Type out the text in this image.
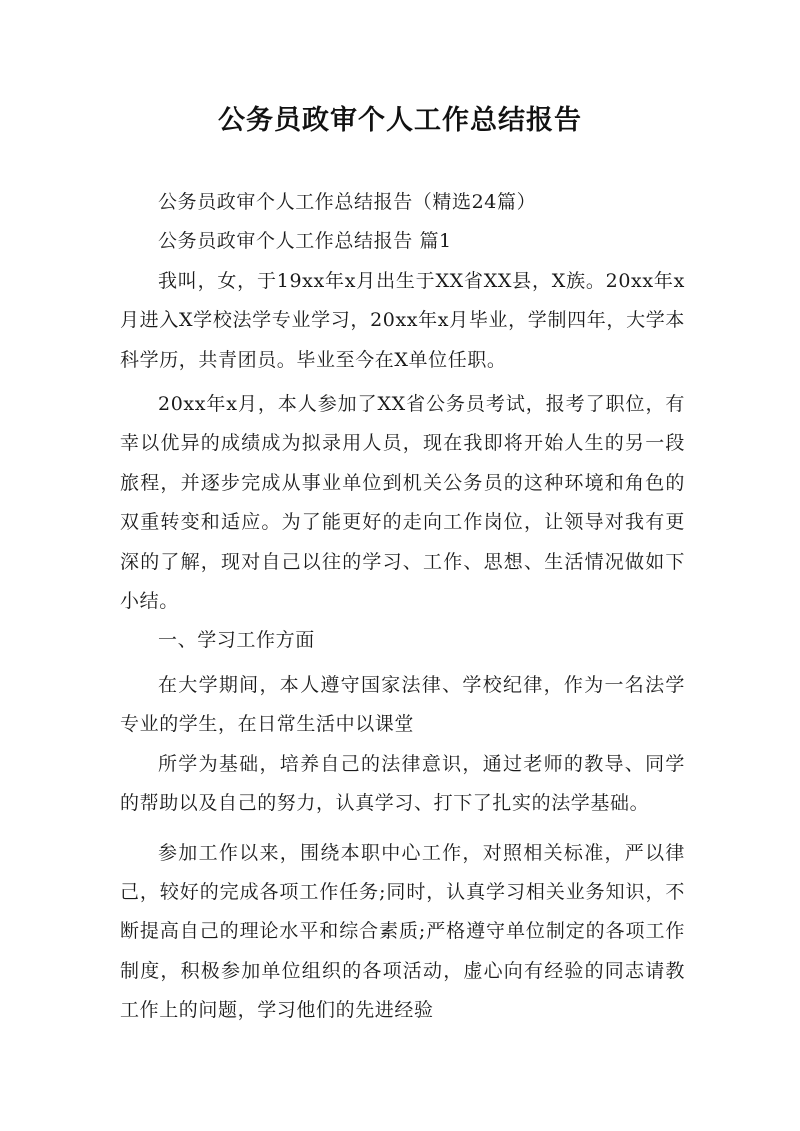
公务员政审个人工作总结报告

公务员政审个人工作总结报告（精选24篇）

公务员政审个人工作总结报告 篇1

我叫，女，于19xx年x月出生于XX省XX县，X族。20xx年x月进入X学校法学专业学习，20xx年x月毕业，学制四年，大学本科学历，共青团员。毕业至今在X单位任职。

20xx年x月，本人参加了XX省公务员考试，报考了职位，有幸以优异的成绩成为拟录用人员，现在我即将开始人生的另一段旅程，并逐步完成从事业单位到机关公务员的这种环境和角色的双重转变和适应。为了能更好的走向工作岗位，让领导对我有更深的了解，现对自己以往的学习、工作、思想、生活情况做如下小结。

一、学习工作方面

在大学期间，本人遵守国家法律、学校纪律，作为一名法学专业的学生，在日常生活中以课堂

所学为基础，培养自己的法律意识，通过老师的教导、同学的帮助以及自己的努力，认真学习、打下了扎实的法学基础。

参加工作以来，围绕本职中心工作，对照相关标准，严以律己，较好的完成各项工作任务;同时，认真学习相关业务知识，不断提高自己的理论水平和综合素质;严格遵守单位制定的各项工作制度，积极参加单位组织的各项活动，虚心向有经验的同志请教工作上的问题，学习他们的先进经验
